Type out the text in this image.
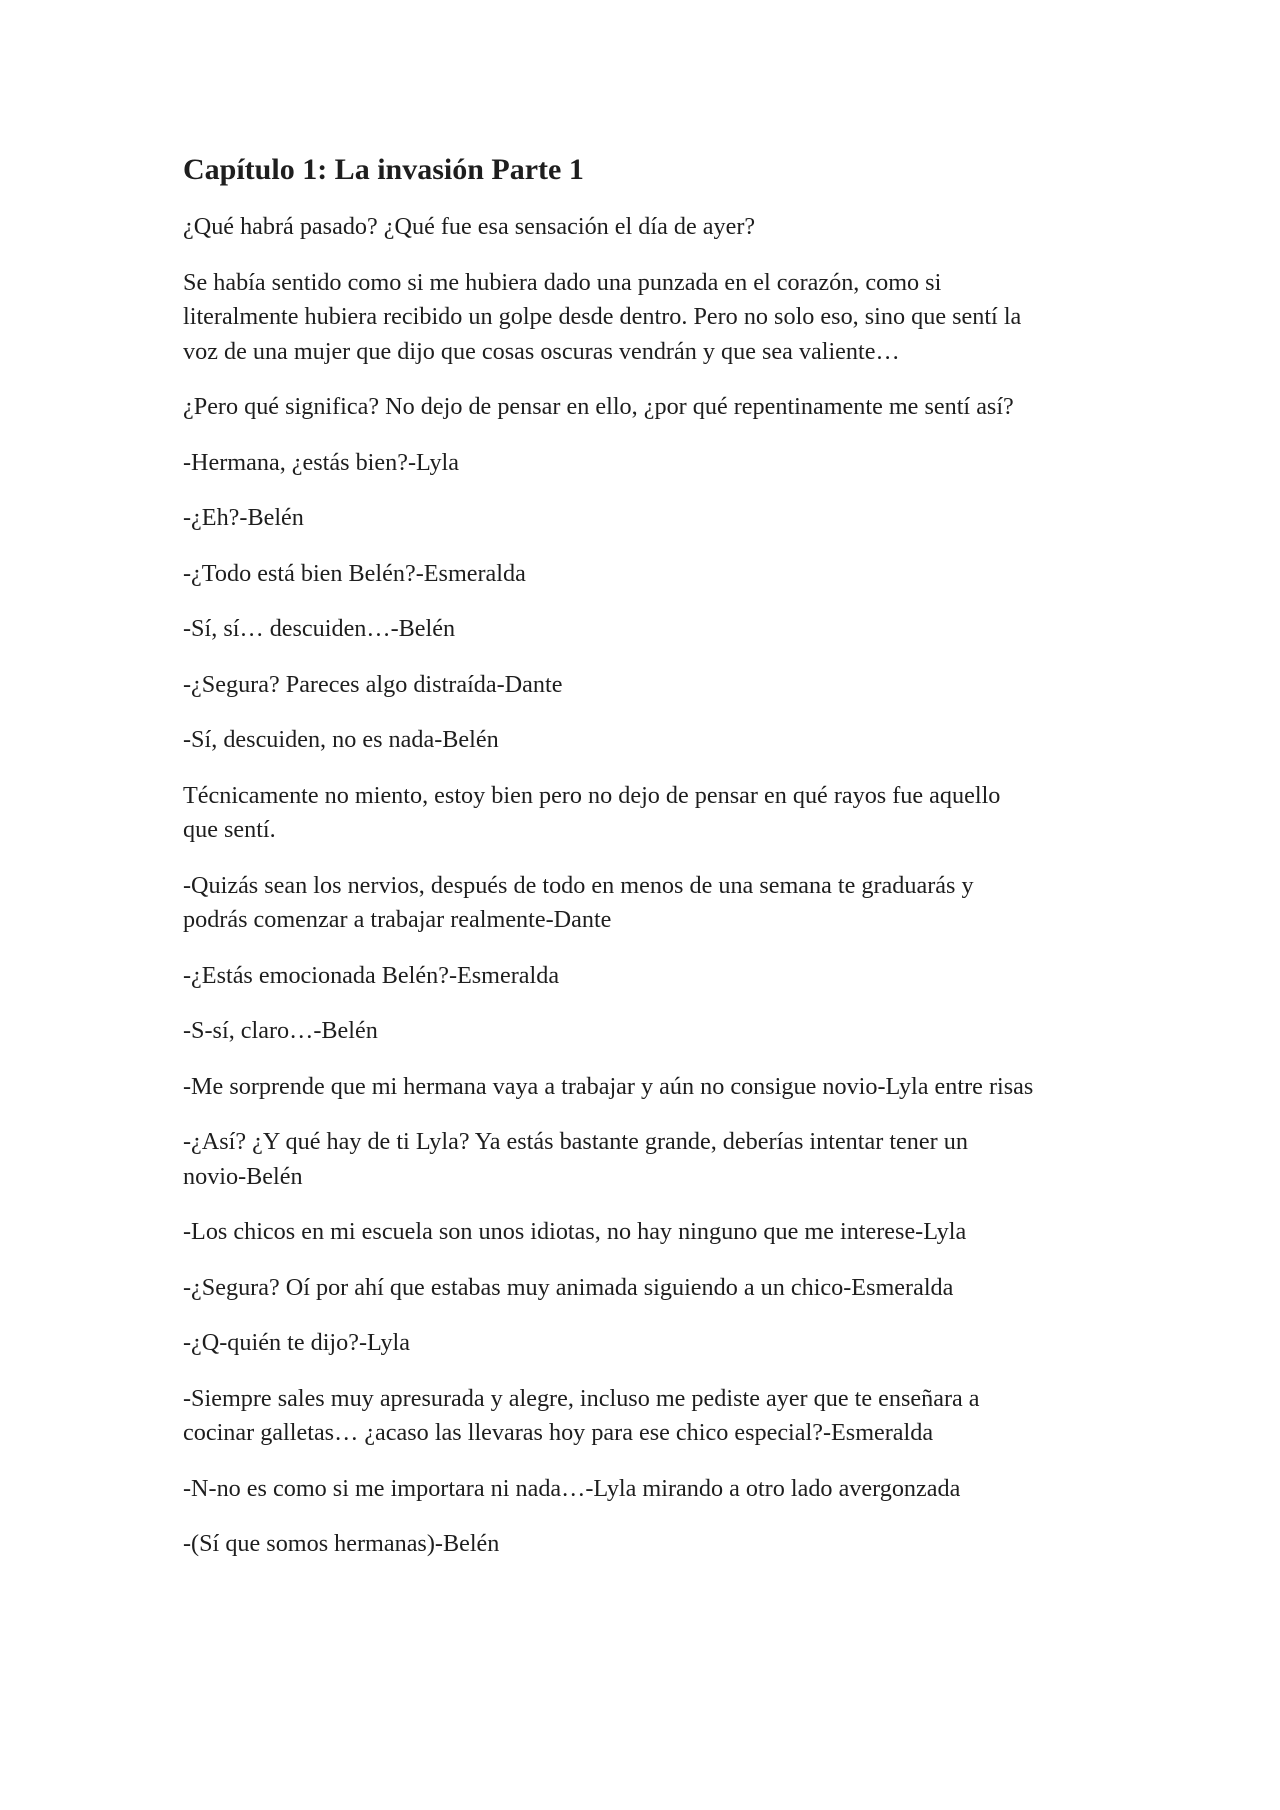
Capítulo 1: La invasión Parte 1

¿Qué habrá pasado? ¿Qué fue esa sensación el día de ayer?

Se había sentido como si me hubiera dado una punzada en el corazón, como si
literalmente hubiera recibido un golpe desde dentro. Pero no solo eso, sino que sentí la
voz de una mujer que dijo que cosas oscuras vendrán y que sea valiente…

¿Pero qué significa? No dejo de pensar en ello, ¿por qué repentinamente me sentí así?

-Hermana, ¿estás bien?-Lyla

-¿Eh?-Belén

-¿Todo está bien Belén?-Esmeralda

-Sí, sí… descuiden…-Belén

-¿Segura? Pareces algo distraída-Dante

-Sí, descuiden, no es nada-Belén

Técnicamente no miento, estoy bien pero no dejo de pensar en qué rayos fue aquello
que sentí.

-Quizás sean los nervios, después de todo en menos de una semana te graduarás y
podrás comenzar a trabajar realmente-Dante

-¿Estás emocionada Belén?-Esmeralda

-S-sí, claro…-Belén

-Me sorprende que mi hermana vaya a trabajar y aún no consigue novio-Lyla entre risas

-¿Así? ¿Y qué hay de ti Lyla? Ya estás bastante grande, deberías intentar tener un
novio-Belén

-Los chicos en mi escuela son unos idiotas, no hay ninguno que me interese-Lyla

-¿Segura? Oí por ahí que estabas muy animada siguiendo a un chico-Esmeralda

-¿Q-quién te dijo?-Lyla

-Siempre sales muy apresurada y alegre, incluso me pediste ayer que te enseñara a
cocinar galletas… ¿acaso las llevaras hoy para ese chico especial?-Esmeralda

-N-no es como si me importara ni nada…-Lyla mirando a otro lado avergonzada

-(Sí que somos hermanas)-Belén
